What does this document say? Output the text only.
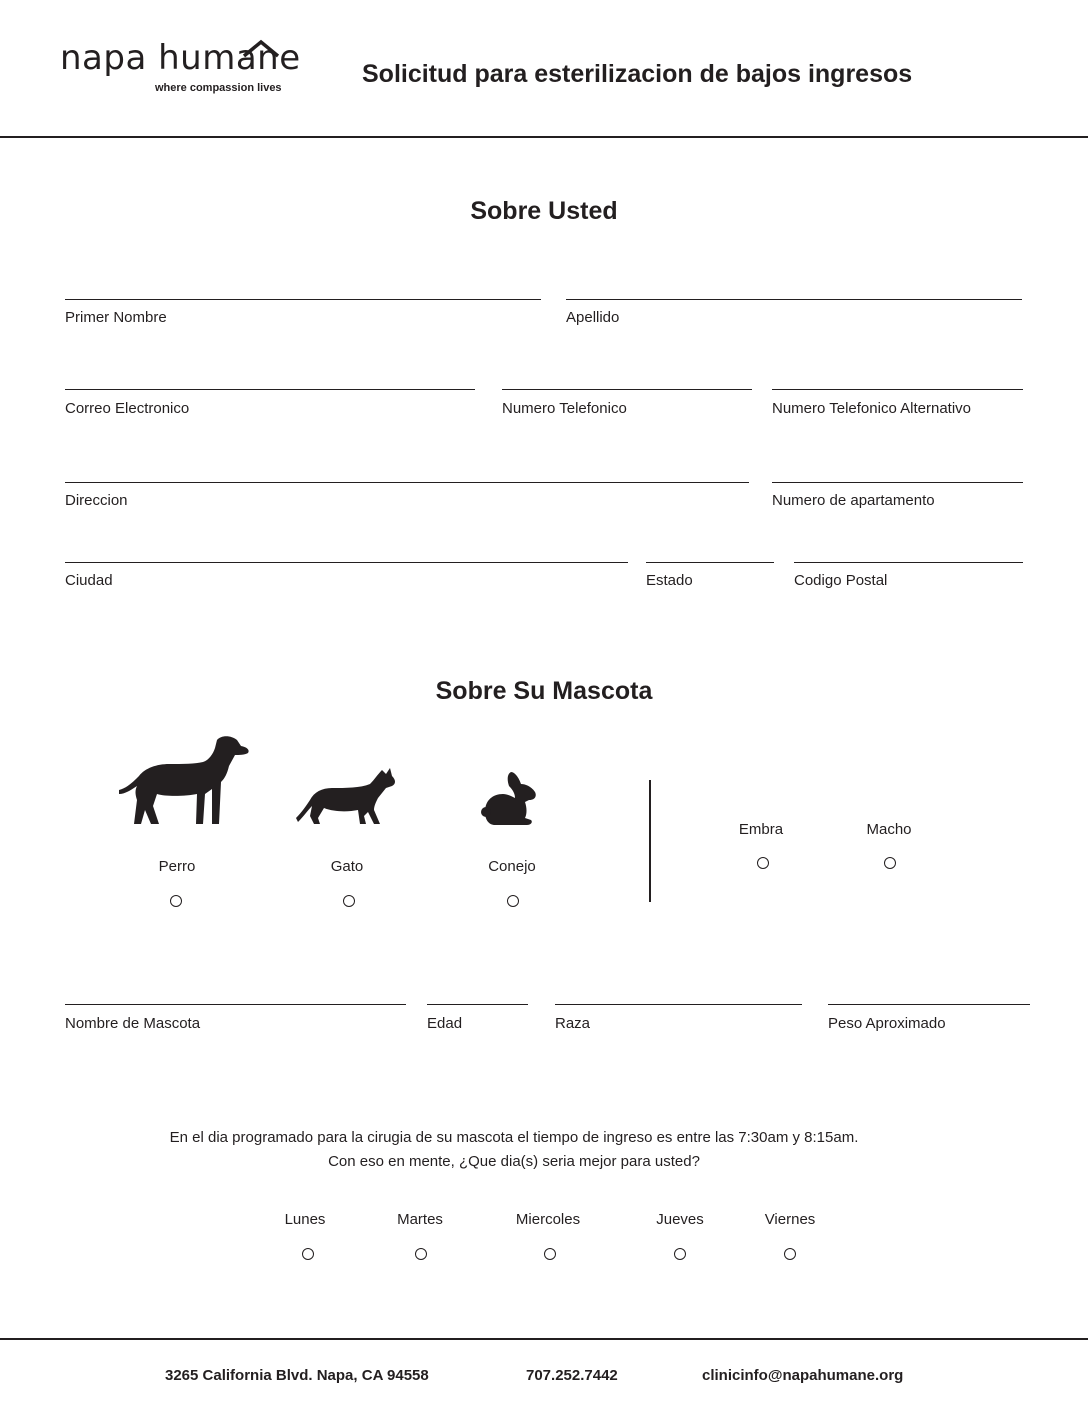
napa humane
where compassion lives	Solicitud para esterilizacion de bajos ingresos
Sobre Usted
Primer Nombre	Apellido
Correo Electronico	Numero Telefonico	Numero Telefonico Alternativo
Direccion	Numero de apartamento
Ciudad	Estado	Codigo Postal
Sobre Su Mascota
Perro	Gato	Conejo
Embra	Macho
Nombre de Mascota	Edad	Raza	Peso Aproximado
En el dia programado para la cirugia de su mascota el tiempo de ingreso es entre las 7:30am y 8:15am.
Con eso en mente, ¿Que dia(s) seria mejor para usted?
Lunes	Martes	Miercoles	Jueves	Viernes
3265 California Blvd. Napa, CA 94558	707.252.7442	clinicinfo@napahumane.org
